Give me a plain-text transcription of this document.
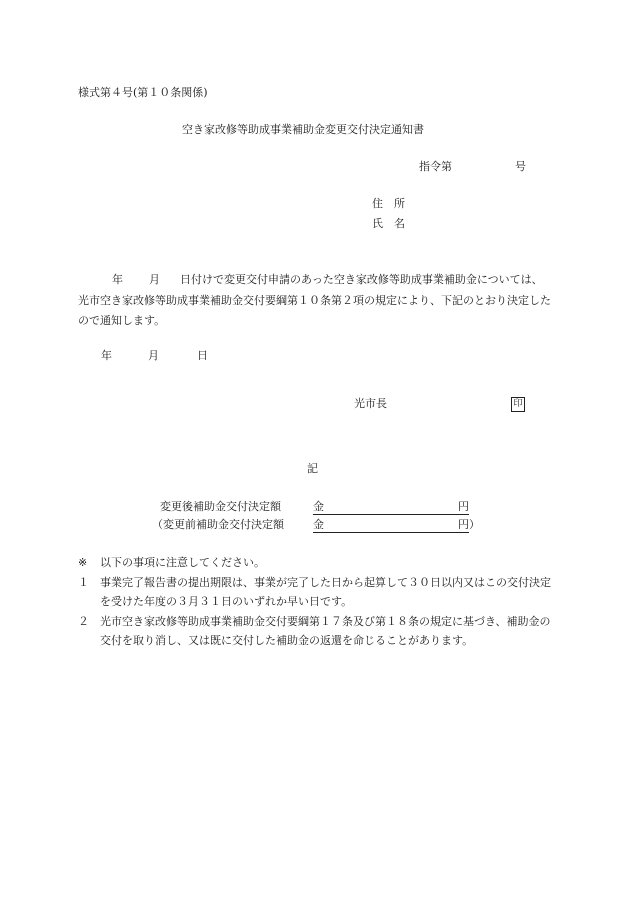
様式第４号(第１０条関係)
空き家改修等助成事業補助金変更交付決定通知書
指令第	号
住　所
氏　名
年 月 日付けで変更交付申請のあった空き家改修等助成事業補助金については、光市空き家改修等助成事業補助金交付要綱第１０条第２項の規定により、下記のとおり決定したので通知します。
年	月	日
光市長	印
記
変更後補助金交付決定額	金	円
（変更前補助金交付決定額	金	円 ）
※ 以下の事項に注意してください。
１	事業完了報告書の提出期限は、事業が完了した日から起算して３０日以内又はこの交付決定を受けた年度の３月３１日のいずれか早い日です。
２	光市空き家改修等助成事業補助金交付要綱第１７条及び第１８条の規定に基づき、補助金の交付を取り消し、又は既に交付した補助金の返還を命じることがあります。
